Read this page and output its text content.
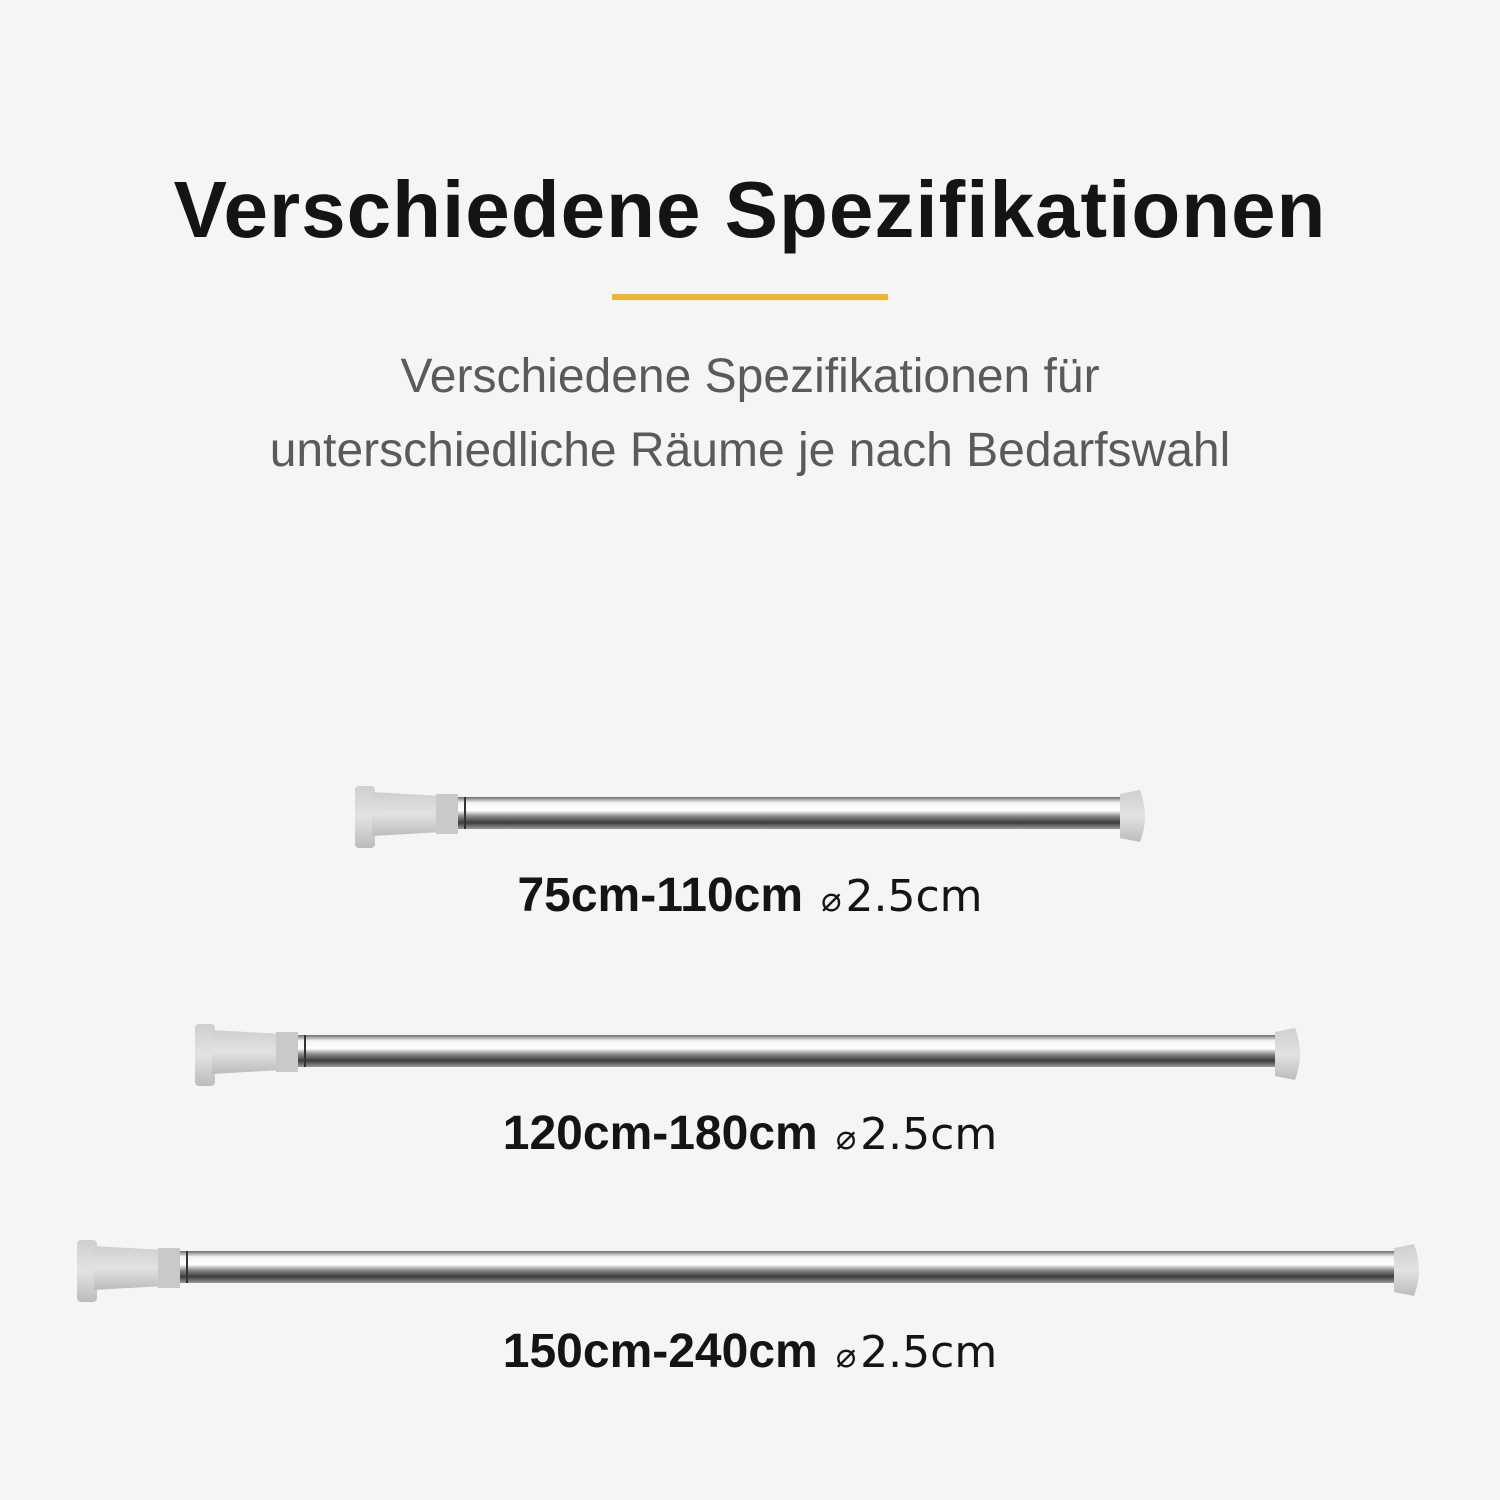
Verschiedene Spezifikationen
Verschiedene Spezifikationen für
unterschiedliche Räume je nach Bedarfswahl
75cm-110cm ⌀2.5cm
120cm-180cm ⌀2.5cm
150cm-240cm ⌀2.5cm
